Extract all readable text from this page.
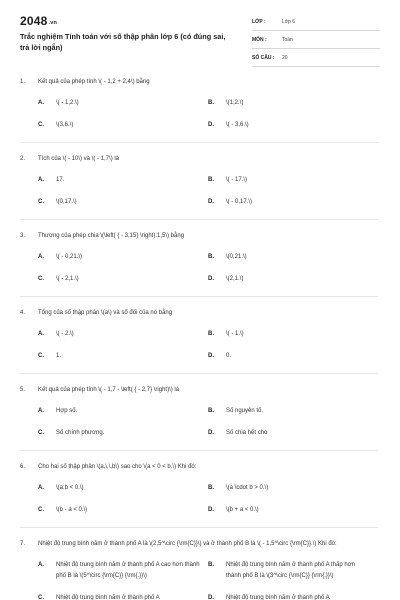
2048.vn
Trắc nghiệm Tính toán với số thập phân lớp 6 (có đúng sai, trả lời ngắn)
LỚP :	Lớp 6
MÔN :	Toán
SỐ CÂU :	20
1.	Kết quả của phép tính \( - 1,2 + 2,4\) bằng
A.	\( - 1,2.\)	B.	\(1,2.\)
C.	\(3,6.\)	D.	\( - 3,6.\)
2.	Tích của \( - 10\) và \( - 1,7\) là
A.	17.	B.	\( - 17.\)
C.	\(0,17.\)	D.	\( - 0,17.\)
3.	Thương của phép chia \(\left( { - 3,15} \right):1,5\) bằng
A.	\( - 0,21.\)	B.	\(0,21.\)
C.	\( - 2,1.\)	D.	\(2,1.\)
4.	Tổng của số thập phân \(a\) và số đối của nó bằng
A.	\( - 2.\)	B.	\( - 1.\)
C.	1.	D.	0.
5.	Kết quả của phép tính \( - 1,7 - \left( { - 2,7} \right)\) là
A.	Hợp số.	B.	Số nguyên tố.
C.	Số chính phương.	D.	Số chia hết cho
6.	Cho hai số thập phân \(a,\,\,b\) sao cho \(a < 0 < b.\) Khi đó:
A.	\(a:b < 0.\)	B.	\(a \cdot b > 0.\)
C.	\(b - a < 0.\)	D.	\(b + a < 0.\)
7.	Nhiệt độ trung bình năm ở thành phố A là \(2,5^\circ {\rm{C}}\) và ở thành phố B là \( - 1,5^\circ {\rm{C}}.\) Khi đó:
A.	Nhiệt độ trung bình năm ở thành phố A cao hơn thành phố B là \(5^\circ {\rm{C}} {\rm{.}}\)
B.	Nhiệt độ trung bình năm ở thành phố A thấp hơn thành phố B là \(3^\circ {\rm{C}} {\rm{.}}\)
C.	Nhiệt độ trung bình năm ở thành phố A	D.	Nhiệt độ trung bình năm ở thành phố A
